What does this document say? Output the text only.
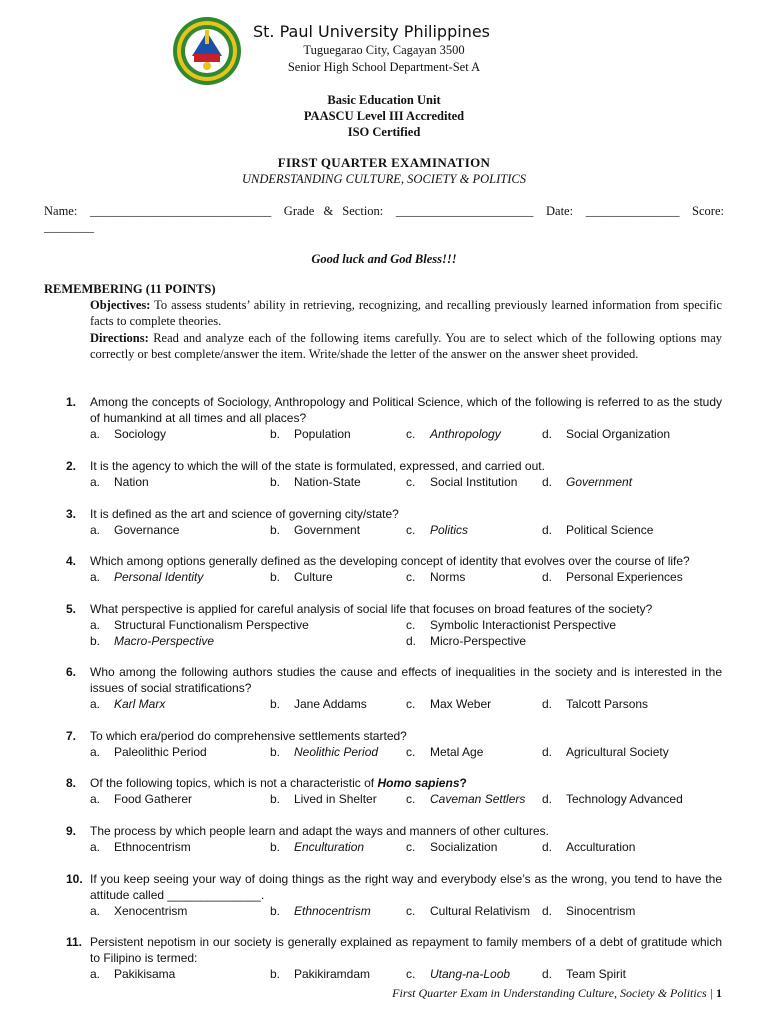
St. Paul University Philippines
Tuguegarao City, Cagayan 3500
Senior High School Department-Set A
Basic Education Unit
PAASCU Level III Accredited
ISO Certified
FIRST QUARTER EXAMINATION
UNDERSTANDING CULTURE, SOCIETY & POLITICS
Name: _____________________________ Grade & Section: ______________________ Date: _______________ Score:
________
Good luck and God Bless!!!
REMEMBERING (11 POINTS)
Objectives: To assess students’ ability in retrieving, recognizing, and recalling previously learned information from specific facts to complete theories.
Directions: Read and analyze each of the following items carefully. You are to select which of the following options may correctly or best complete/answer the item. Write/shade the letter of the answer on the answer sheet provided.
1.	Among the concepts of Sociology, Anthropology and Political Science, which of the following is referred to as the study of humankind at all times and all places?
a. Sociology	b. Population	c. Anthropology	d. Social Organization
2.	It is the agency to which the will of the state is formulated, expressed, and carried out.
a. Nation	b. Nation-State	c. Social Institution d. Government
3.	It is defined as the art and science of governing city/state?
a. Governance	b. Government	c. Politics	d. Political Science
4.	Which among options generally defined as the developing concept of identity that evolves over the course of life?
a. Personal Identity	b. Culture	c. Norms	d. Personal Experiences
5.	What perspective is applied for careful analysis of social life that focuses on broad features of the society?
a. Structural Functionalism Perspective	c. Symbolic Interactionist Perspective
b. Macro-Perspective	d. Micro-Perspective
6.	Who among the following authors studies the cause and effects of inequalities in the society and is interested in the issues of social stratifications?
a. Karl Marx	b. Jane Addams	c. Max Weber	d. Talcott Parsons
7.	To which era/period do comprehensive settlements started?
a. Paleolithic Period	b. Neolithic Period c. Metal Age	d. Agricultural Society
8.	Of the following topics, which is not a characteristic of Homo sapiens?
a. Food Gatherer	b. Lived in Shelter c. Caveman Settlers d. Technology Advanced
9.	The process by which people learn and adapt the ways and manners of other cultures.
a. Ethnocentrism	b. Enculturation	c. Socialization	d. Acculturation
10. If you keep seeing your way of doing things as the right way and everybody else’s as the wrong, you tend to have the attitude called ______________.
a. Xenocentrism	b. Ethnocentrism	c. Cultural Relativism d. Sinocentrism
11. Persistent nepotism in our society is generally explained as repayment to family members of a debt of gratitude which to Filipino is termed:
a. Pakikisama	b. Pakikiramdam	c. Utang-na-Loob	d. Team Spirit
First Quarter Exam in Understanding Culture, Society & Politics | 1
